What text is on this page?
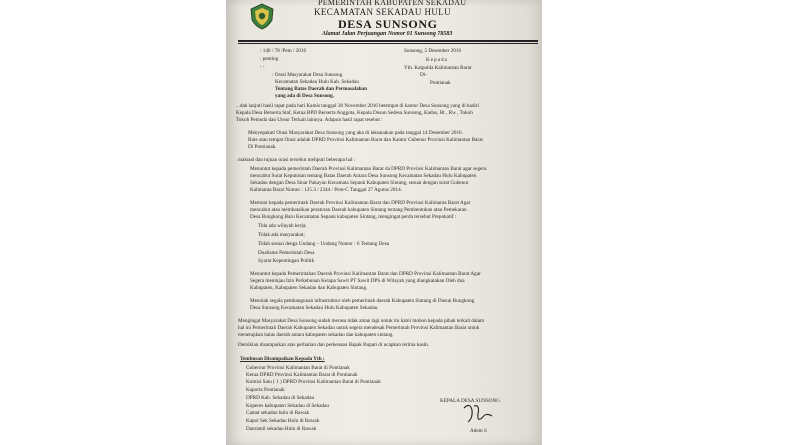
PEMERINTAH KABUPATEN SEKADAU
KECAMATAN SEKADAU HULU
DESA SUNSONG
Alamat Jalan Perjuangan Nomor 01 Sunsong 78583
: 140 / 78 /Pem / 2016
: penting
: -
: Orasi Masyarakat Desa Sunsong
Kecamatan Sekadau Hulu Kab. Sekadau
Tentang Batas Daerah dan Permasalahan
yang ada di Desa Sunsong.
Sunsong, 5 Desember 2016
Kepada
Yth. Kalpolda Kalimantan Barat
Di-
Pontianak
...dak lanjuti hasil rapat pada hari Kamis tanggal 30 November 2016 betempat di kantor Desa Sunsong yang di hadiri
Kepala Desa Berserta Staf, Ketua BPD Berserta Anggota, Kepala Dusun Sedesa Sunsong, Kadus, Rt , Rw , Tokoh
Tokoh Pemuda dan Unsur Terkait lainnya. Adapun hasil rapat tesebut :
Menyepakati Orasi Masyarakat Desa Sunsong yang aka di laksanakan pada tanggal 14 Desember 2016.
Rute atau tempat Orasi adalah DPRD Provinsi Kalimantan Barat dan Kantor Gubenur Provinsi Kalimantan Barat
Di Pontianak.
maksud dan tujuan orasi tersebut meliputi beberapa hal :
Menuntut kepada pemerintah Daerah Provinsi Kalimantan Barat da DPRD Provinsi Kalimantan Barat agar segera
mencabut Surat Keputusan tentang Batas Daerah Antara Desa Sunsong Kecamatan Sekadau Hulu Kabupaten
Sekadau dengan Desa Sinar Pakayau Kecamata Sepauk Kabupaten Sintang, sesuai dengan surat Gubenur
Kalimanta Barat Nomor : 125.3 / 2344 / Pem-C Tanggal 27 Agutus 2014.
Memunt kepada pemerintah Daerah Provinsi Kalimantan Barat dan DPRD Provinsi Kalimanta Barat Agar
mencabut atau membatalkan peraturan Daerah kabupaten Sintang tentang Pembentukan atau Pemekaran
Desa Bungkong Baru Kecamatan Sepauk kabupaten Sintang, mengingat perda tersebut Prepokatif :
Tida ada wilayah kerja;
Tidak ada masyarakat;
Tidah sesuai denga Undang – Undang Nomor : 6 Tentang Desa
Dualisme Pemerintah Desa
Syarat Kepentingan Politik
Menuntut kepada Pemerintahan Daerah Provinsi Kalimantan Barat dan DPRD Provinsi Kalimantan Barat Agar
Segera meninjau Izin Perkebunan Kelapa Sawit PT Sawit DPS di Wilayah yang diangkatakan Oleh dua
Kabupaten, Kabupaten Sekadau dan Kabupaten Sintang.
Menolak segala pembangunan infrastruktur oleh pemerintah daerah Kabupaten Sintang di Dusun Bungkong
Desa Sunsong Kecamatan Sekadau Hulu Kabupaten Sekadau.
Mengingat Masyarakat Desa Sunsong sudah merasa tidak aman lagi untuk itu kami mohon kepada pihak terkait dalam
hal ini Pemerintah Daerah Kabupaten Sekadau untuk segera mendesak Pemerintah Provinsi Kalimantan Barat untuk
menetapkan batas daerah antara kabupaten sekadau dan kabupaten sintang.
Demikian disampaikan atas perhatian dan perkenaan Bapak Bupati di ucapkan terima kasih.
Tembusan Disampaikan Kepada Yth :
Gubernur Provinsi Kalimantan Barat di Pontianak
Ketua DPRD Provinsi Kalimantan Barat di Pontianak
Komisi Satu ( 1 ) DPRD Provinsi Kalimantan Barat di Pontianak
Kaporta Pontianak
DPRD Kab. Sekadau di Sekadau
Koperes kabupaten Sekadau di Sekadau
Camat sekadau hulu di Rawak
Kapol Sek Sekadau Hulu di Rawak
Danramil sekadau Hulu di Rawak
KEPALA DESA SUNSONG
Adem S
